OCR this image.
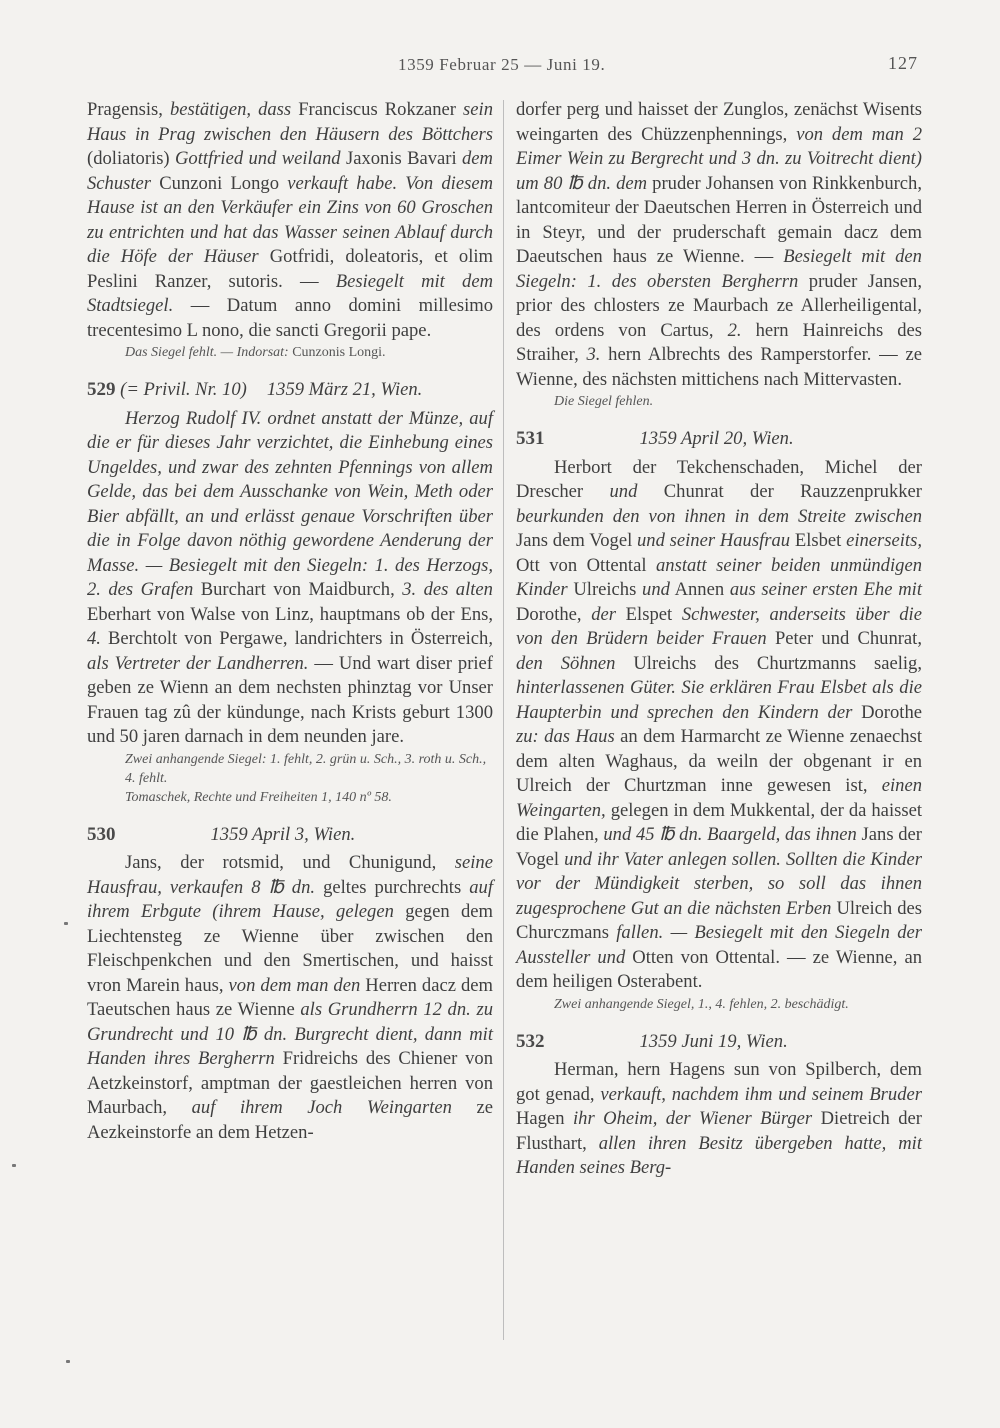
1359 Februar 25 — Juni 19.	127

Pragensis, bestätigen, dass Franciscus Rokzaner sein Haus in Prag zwischen den Häusern des Böttchers (doliatoris) Gottfried und weiland Jaxonis Bavari dem Schuster Cunzoni Longo verkauft habe. Von diesem Hause ist an den Verkäufer ein Zins von 60 Groschen zu entrichten und hat das Wasser seinen Ablauf durch die Höfe der Häuser Gotfridi, doleatoris, et olim Peslini Ranzer, sutoris. — Besiegelt mit dem Stadtsiegel. — Datum anno domini millesimo trecentesimo L nono, die sancti Gregorii pape.

Das Siegel fehlt. — Indorsat: Cunzonis Longi.

529 (= Privil. Nr. 10) 1359 März 21, Wien.

Herzog Rudolf IV. ordnet anstatt der Münze, auf die er für dieses Jahr verzichtet, die Einhebung eines Ungeldes, und zwar des zehnten Pfennings von allem Gelde, das bei dem Ausschanke von Wein, Meth oder Bier abfällt, an und erlässt genaue Vorschriften über die in Folge davon nöthig gewordene Aenderung der Masse. — Besiegelt mit den Siegeln: 1. des Herzogs, 2. des Grafen Burchart von Maidburch, 3. des alten Eberhart von Walse von Linz, hauptmans ob der Ens, 4. Berchtolt von Pergawe, landrichters in Österreich, als Vertreter der Landherren. — Und wart diser prief geben ze Wienn an dem nechsten phinztag vor Unser Frauen tag zû der kündunge, nach Krists geburt 1300 und 50 jaren darnach in dem neunden jare.

Zwei anhangende Siegel: 1. fehlt, 2. grün u. Sch., 3. roth u. Sch., 4. fehlt.

Tomaschek, Rechte und Freiheiten 1, 140 nº 58.

530	1359 April 3, Wien.

Jans, der rotsmid, und Chunigund, seine Hausfrau, verkaufen 8 ℔ dn. geltes purchrechts auf ihrem Erbgute (ihrem Hause, gelegen gegen dem Liechtensteg ze Wienne über zwischen den Fleischpenkchen und den Smertischen, und haisst vron Marein haus, von dem man den Herren dacz dem Taeutschen haus ze Wienne als Grundherrn 12 dn. zu Grundrecht und 10 ℔ dn. Burgrecht dient, dann mit Handen ihres Bergherrn Fridreichs des Chiener von Aetzkeinstorf, amptman der gaestleichen herren von Maurbach, auf ihrem Joch Weingarten ze Aezkeinstorfe an dem Hetzen-

dorfer perg und haisset der Zunglos, zenächst Wisents weingarten des Chüzzenphennings, von dem man 2 Eimer Wein zu Bergrecht und 3 dn. zu Voitrecht dient) um 80 ℔ dn. dem pruder Johansen von Rinkkenburch, lantcomiteur der Daeutschen Herren in Österreich und in Steyr, und der pruderschaft gemain dacz dem Daeutschen haus ze Wienne. — Besiegelt mit den Siegeln: 1. des obersten Bergherrn pruder Jansen, prior des chlosters ze Maurbach ze Allerheiligental, des ordens von Cartus, 2. hern Hainreichs des Straiher, 3. hern Albrechts des Ramperstorfer. — ze Wienne, des nächsten mittichens nach Mittervasten.

Die Siegel fehlen.

531	1359 April 20, Wien.

Herbort der Tekchenschaden, Michel der Drescher und Chunrat der Rauzzenprukker beurkunden den von ihnen in dem Streite zwischen Jans dem Vogel und seiner Hausfrau Elsbet einerseits, Ott von Ottental anstatt seiner beiden unmündigen Kinder Ulreichs und Annen aus seiner ersten Ehe mit Dorothe, der Elspet Schwester, anderseits über die von den Brüdern beider Frauen Peter und Chunrat, den Söhnen Ulreichs des Churtzmanns saelig, hinterlassenen Güter. Sie erklären Frau Elsbet als die Haupterbin und sprechen den Kindern der Dorothe zu: das Haus an dem Harmarcht ze Wienne zenaechst dem alten Waghaus, da weiln der obgenant ir en Ulreich der Churtzman inne gewesen ist, einen Weingarten, gelegen in dem Mukkental, der da haisset die Plahen, und 45 ℔ dn. Baargeld, das ihnen Jans der Vogel und ihr Vater anlegen sollen. Sollten die Kinder vor der Mündigkeit sterben, so soll das ihnen zugesprochene Gut an die nächsten Erben Ulreich des Churczmans fallen. — Besiegelt mit den Siegeln der Aussteller und Otten von Ottental. — ze Wienne, an dem heiligen Osterabent.

Zwei anhangende Siegel, 1., 4. fehlen, 2. beschädigt.

532	1359 Juni 19, Wien.

Herman, hern Hagens sun von Spilberch, dem got genad, verkauft, nachdem ihm und seinem Bruder Hagen ihr Oheim, der Wiener Bürger Dietreich der Flusthart, allen ihren Besitz übergeben hatte, mit Handen seines Berg-
